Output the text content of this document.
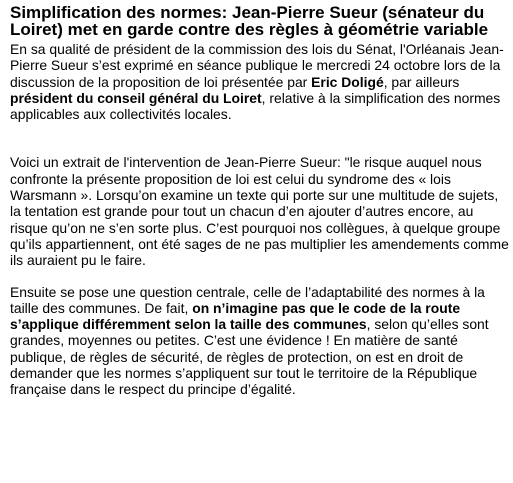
Simplification des normes: Jean-Pierre Sueur (sénateur du Loiret) met en garde contre des règles à géométrie variable

En sa qualité de président de la commission des lois du Sénat, l'Orléanais Jean-Pierre Sueur s’est exprimé en séance publique le mercredi 24 octobre lors de la discussion de la proposition de loi présentée par Eric Doligé, par ailleurs président du conseil général du Loiret, relative à la simplification des normes applicables aux collectivités locales.

Voici un extrait de l'intervention de Jean-Pierre Sueur: "le risque auquel nous confronte la présente proposition de loi est celui du syndrome des « lois Warsmann ». Lorsqu’on examine un texte qui porte sur une multitude de sujets, la tentation est grande pour tout un chacun d’en ajouter d’autres encore, au risque qu’on ne s’en sorte plus. C’est pourquoi nos collègues, à quelque groupe qu’ils appartiennent, ont été sages de ne pas multiplier les amendements comme ils auraient pu le faire.

Ensuite se pose une question centrale, celle de l’adaptabilité des normes à la taille des communes. De fait, on n’imagine pas que le code de la route s’applique différemment selon la taille des communes, selon qu’elles sont grandes, moyennes ou petites. C’est une évidence ! En matière de santé publique, de règles de sécurité, de règles de protection, on est en droit de demander que les normes s’appliquent sur tout le territoire de la République française dans le respect du principe d’égalité.
